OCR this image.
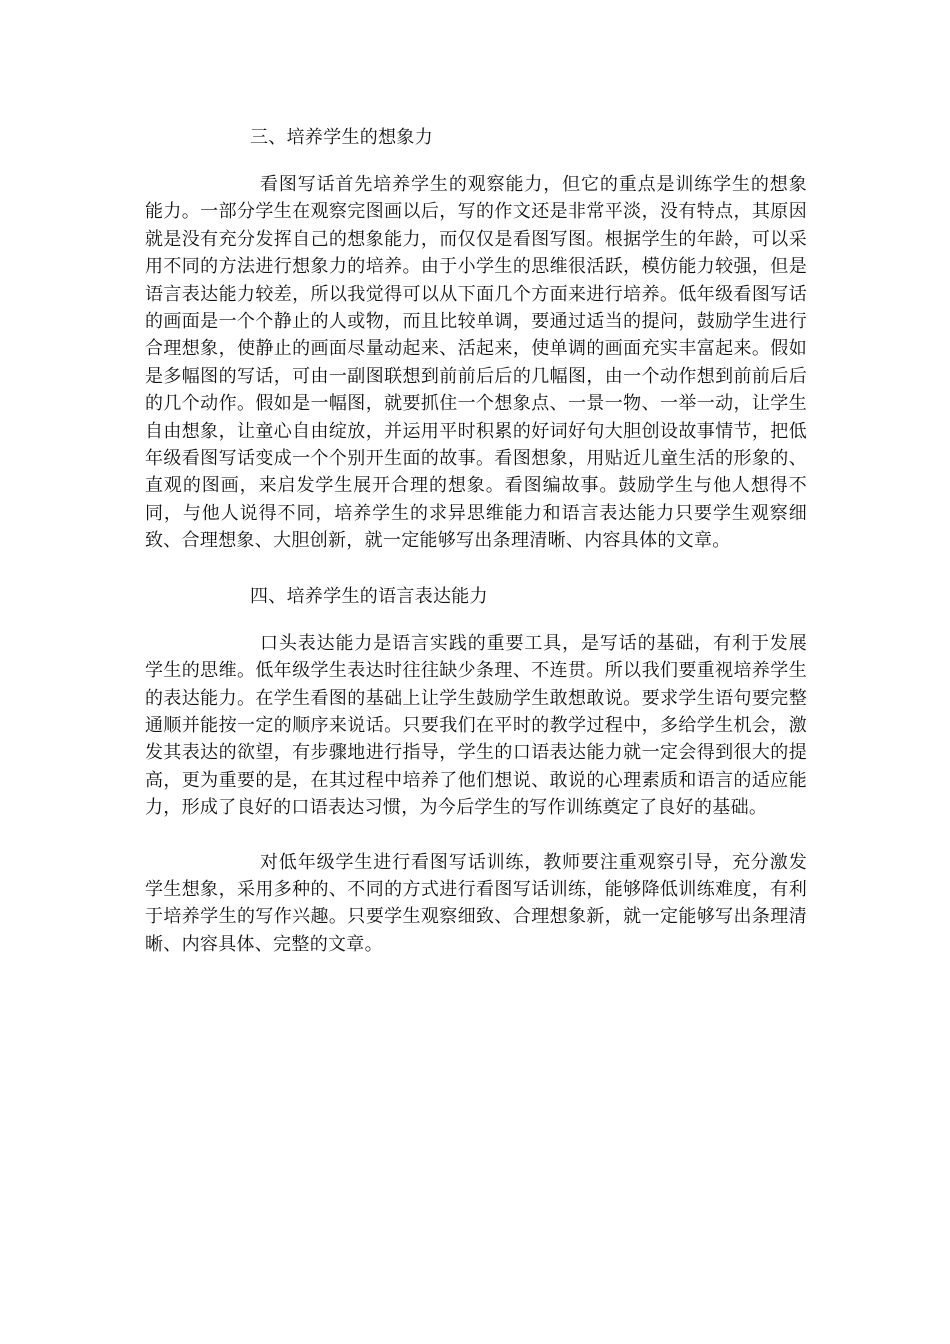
三、培养学生的想象力

看图写话首先培养学生的观察能力，但它的重点是训练学生的想象能力。一部分学生在观察完图画以后，写的作文还是非常平淡，没有特点，其原因就是没有充分发挥自己的想象能力，而仅仅是看图写图。根据学生的年龄，可以采用不同的方法进行想象力的培养。由于小学生的思维很活跃，模仿能力较强，但是语言表达能力较差，所以我觉得可以从下面几个方面来进行培养。低年级看图写话的画面是一个个静止的人或物，而且比较单调，要通过适当的提问，鼓励学生进行合理想象，使静止的画面尽量动起来、活起来，使单调的画面充实丰富起来。假如是多幅图的写话，可由一副图联想到前前后后的几幅图，由一个动作想到前前后后的几个动作。假如是一幅图，就要抓住一个想象点、一景一物、一举一动，让学生自由想象，让童心自由绽放，并运用平时积累的好词好句大胆创设故事情节，把低年级看图写话变成一个个别开生面的故事。看图想象，用贴近儿童生活的形象的、直观的图画，来启发学生展开合理的想象。看图编故事。鼓励学生与他人想得不同，与他人说得不同，培养学生的求异思维能力和语言表达能力只要学生观察细致、合理想象、大胆创新，就一定能够写出条理清晰、内容具体的文章。

四、培养学生的语言表达能力

口头表达能力是语言实践的重要工具，是写话的基础，有利于发展学生的思维。低年级学生表达时往往缺少条理、不连贯。所以我们要重视培养学生的表达能力。在学生看图的基础上让学生鼓励学生敢想敢说。要求学生语句要完整通顺并能按一定的顺序来说话。只要我们在平时的教学过程中，多给学生机会，激发其表达的欲望，有步骤地进行指导，学生的口语表达能力就一定会得到很大的提高，更为重要的是，在其过程中培养了他们想说、敢说的心理素质和语言的适应能力，形成了良好的口语表达习惯，为今后学生的写作训练奠定了良好的基础。

对低年级学生进行看图写话训练，教师要注重观察引导，充分激发学生想象，采用多种的、不同的方式进行看图写话训练，能够降低训练难度，有利于培养学生的写作兴趣。只要学生观察细致、合理想象新，就一定能够写出条理清晰、内容具体、完整的文章。
